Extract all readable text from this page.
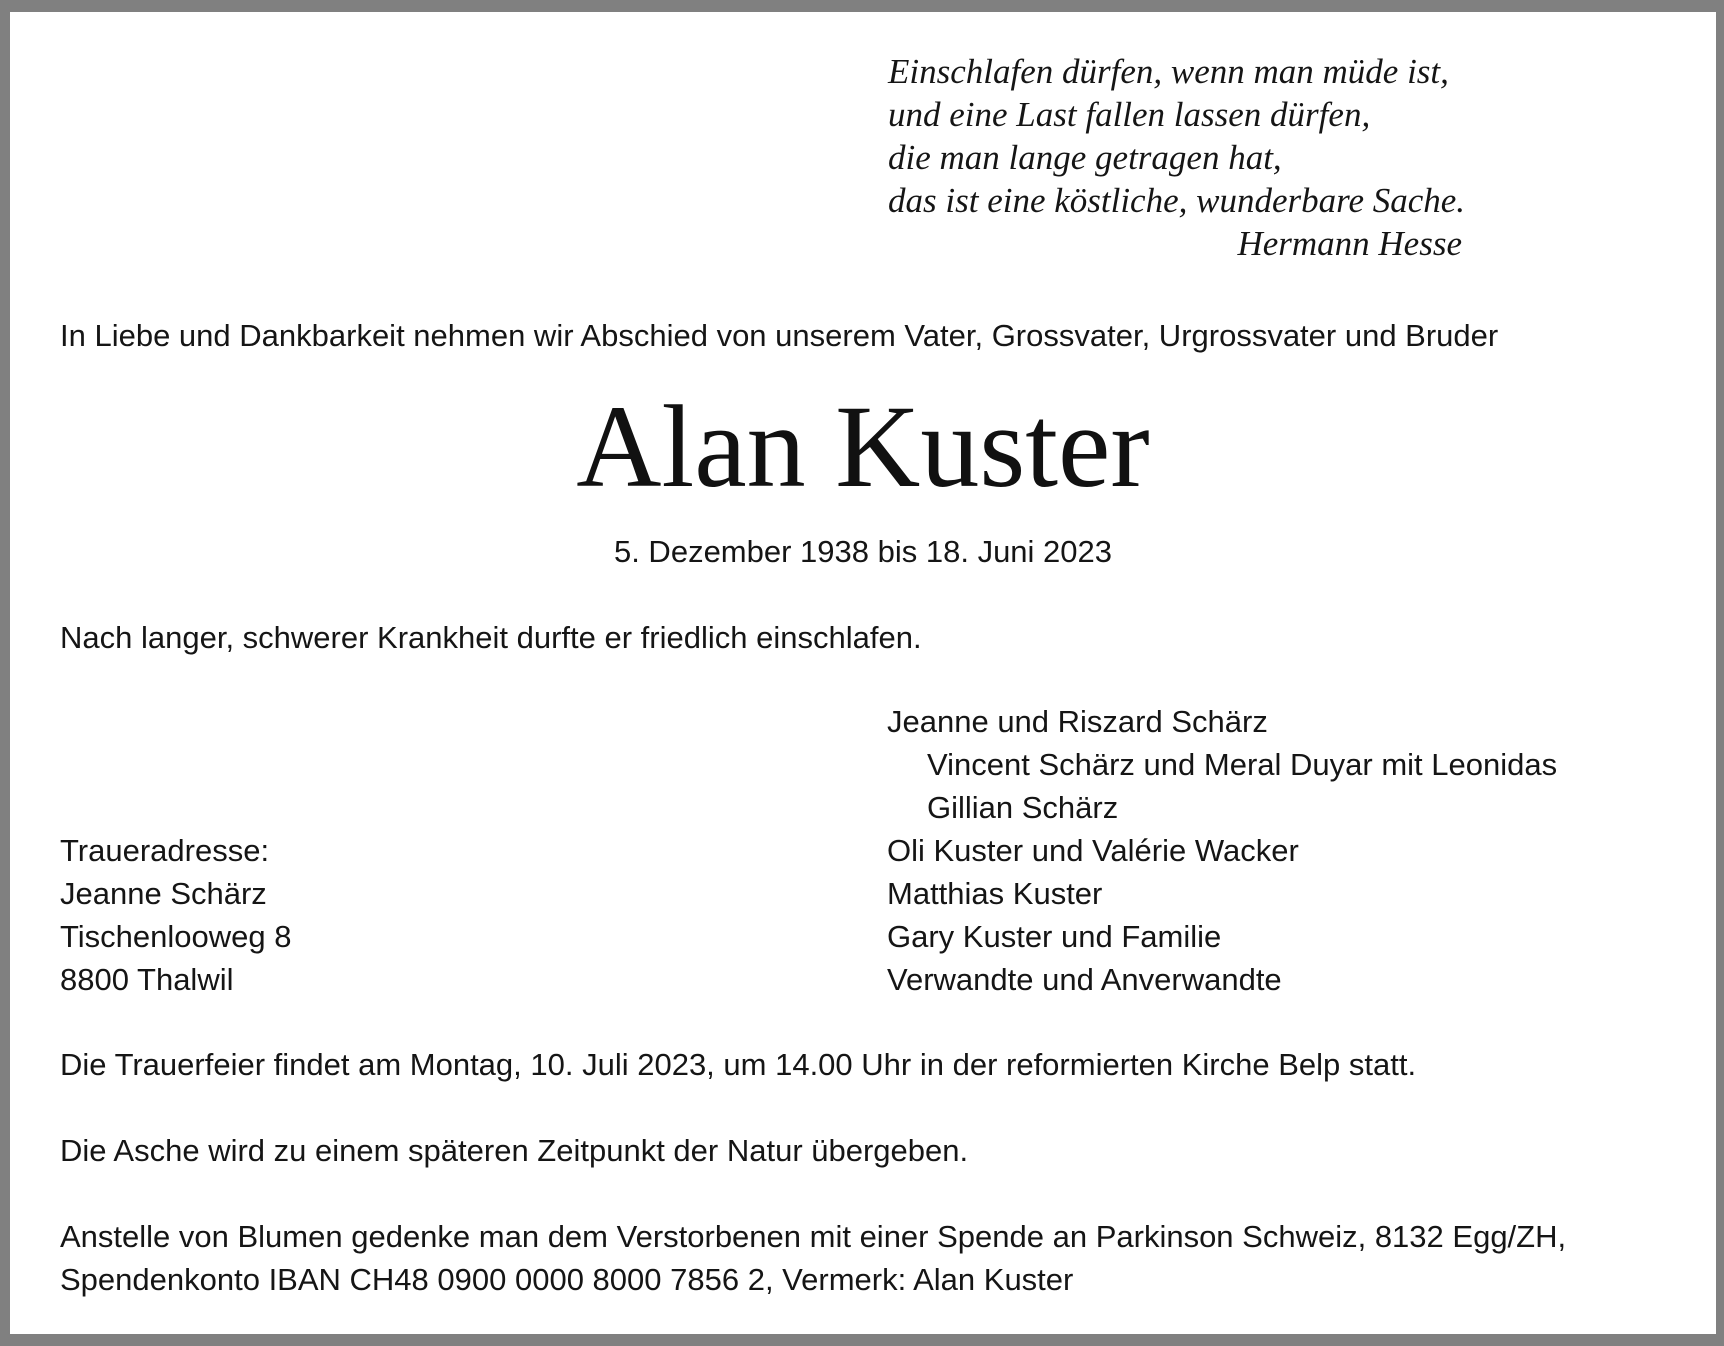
Einschlafen dürfen, wenn man müde ist,
und eine Last fallen lassen dürfen,
die man lange getragen hat,
das ist eine köstliche, wunderbare Sache.
Hermann Hesse
In Liebe und Dankbarkeit nehmen wir Abschied von unserem Vater, Grossvater, Urgrossvater und Bruder
Alan Kuster
5. Dezember 1938 bis 18. Juni 2023
Nach langer, schwerer Krankheit durfte er friedlich einschlafen.
Jeanne und Riszard Schärz
Vincent Schärz und Meral Duyar mit Leonidas
Gillian Schärz
Oli Kuster und Valérie Wacker
Matthias Kuster
Gary Kuster und Familie
Verwandte und Anverwandte
Traueradresse:
Jeanne Schärz
Tischenlooweg 8
8800 Thalwil
Die Trauerfeier findet am Montag, 10. Juli 2023, um 14.00 Uhr in der reformierten Kirche Belp statt.
Die Asche wird zu einem späteren Zeitpunkt der Natur übergeben.
Anstelle von Blumen gedenke man dem Verstorbenen mit einer Spende an Parkinson Schweiz, 8132 Egg/ZH,
Spendenkonto IBAN CH48 0900 0000 8000 7856 2, Vermerk: Alan Kuster
